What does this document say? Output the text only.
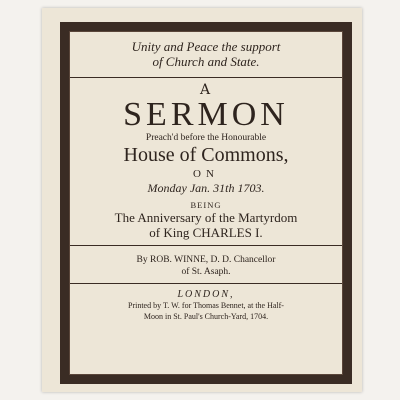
Unity and Peace the support
of Church and State.
A
SERMON
Preach'd before the Honourable
House of Commons,
ON
Monday Jan. 31th 1703.
BEING
The Anniversary of the Martyrdom
of King CHARLES I.
By ROB. WINNE, D. D. Chancellor
of St. Asaph.
LONDON,
Printed by T. W. for Thomas Bennet, at the Half-
Moon in St. Paul's Church-Yard, 1704.
